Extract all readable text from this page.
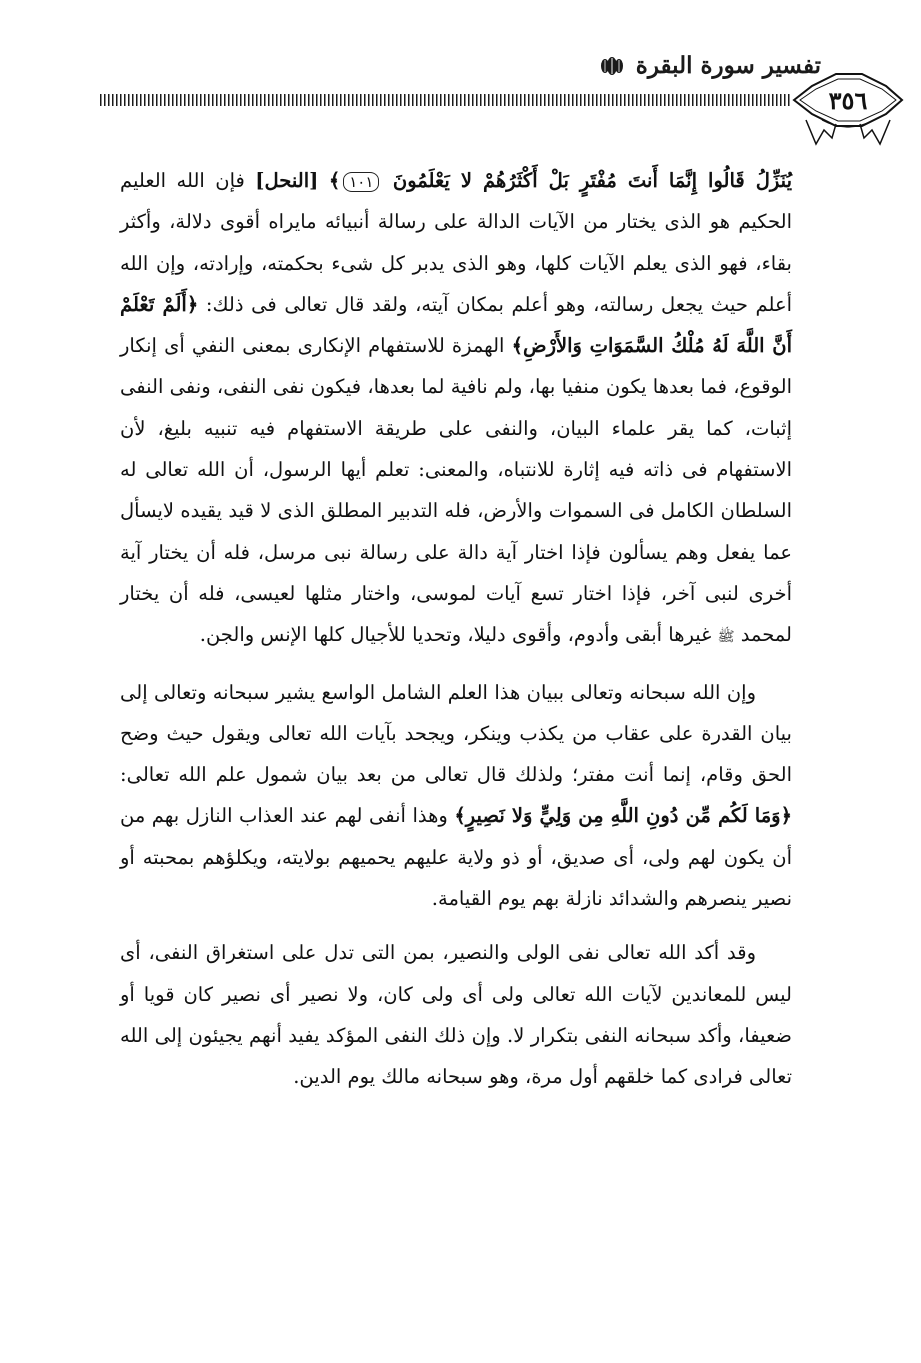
تفسير سورة البقرة
٣٥٦

يُنَزِّلُ قَالُوا إِنَّمَا أَنتَ مُفْتَرٍ بَلْ أَكْثَرُهُمْ لا يَعْلَمُونَ ١٠١﴾ [النحل] فإن الله العليم الحكيم هو الذى يختار من الآيات الدالة على رسالة أنبيائه مايراه أقوى دلالة، وأكثر بقاء، فهو الذى يعلم الآيات كلها، وهو الذى يدبر كل شىء بحكمته، وإرادته، وإن الله أعلم حيث يجعل رسالته، وهو أعلم بمكان آيته، ولقد قال تعالى فى ذلك: ﴿أَلَمْ تَعْلَمْ أَنَّ اللَّهَ لَهُ مُلْكُ السَّمَوَاتِ وَالأَرْضِ﴾ الهمزة للاستفهام الإنكارى بمعنى النفي أى إنكار الوقوع، فما بعدها يكون منفيا بها، ولم نافية لما بعدها، فيكون نفى النفى، ونفى النفى إثبات، كما يقر علماء البيان، والنفى على طريقة الاستفهام فيه تنبيه بليغ، لأن الاستفهام فى ذاته فيه إثارة للانتباه، والمعنى: تعلم أيها الرسول، أن الله تعالى له السلطان الكامل فى السموات والأرض، فله التدبير المطلق الذى لا قيد يقيده لايسأل عما يفعل وهم يسألون فإذا اختار آية دالة على رسالة نبى مرسل، فله أن يختار آية أخرى لنبى آخر، فإذا اختار تسع آيات لموسى، واختار مثلها لعيسى، فله أن يختار لمحمد ﷺ غيرها أبقى وأدوم، وأقوى دليلا، وتحديا للأجيال كلها الإنس والجن.

وإن الله سبحانه وتعالى ببيان هذا العلم الشامل الواسع يشير سبحانه وتعالى إلى بيان القدرة على عقاب من يكذب وينكر، ويجحد بآيات الله تعالى ويقول حيث وضح الحق وقام، إنما أنت مفتر؛ ولذلك قال تعالى من بعد بيان شمول علم الله تعالى: ﴿وَمَا لَكُم مِّن دُونِ اللَّهِ مِن وَلِيٍّ وَلا نَصِيرٍ﴾ وهذا أنفى لهم عند العذاب النازل بهم من أن يكون لهم ولى، أى صديق، أو ذو ولاية عليهم يحميهم بولايته، ويكلؤهم بمحبته أو نصير ينصرهم والشدائد نازلة بهم يوم القيامة.

وقد أكد الله تعالى نفى الولى والنصير، بمن التى تدل على استغراق النفى، أى ليس للمعاندين لآيات الله تعالى ولى أى ولى كان، ولا نصير أى نصير كان قويا أو ضعيفا، وأكد سبحانه النفى بتكرار لا. وإن ذلك النفى المؤكد يفيد أنهم يجيئون إلى الله تعالى فرادى كما خلقهم أول مرة، وهو سبحانه مالك يوم الدين.
